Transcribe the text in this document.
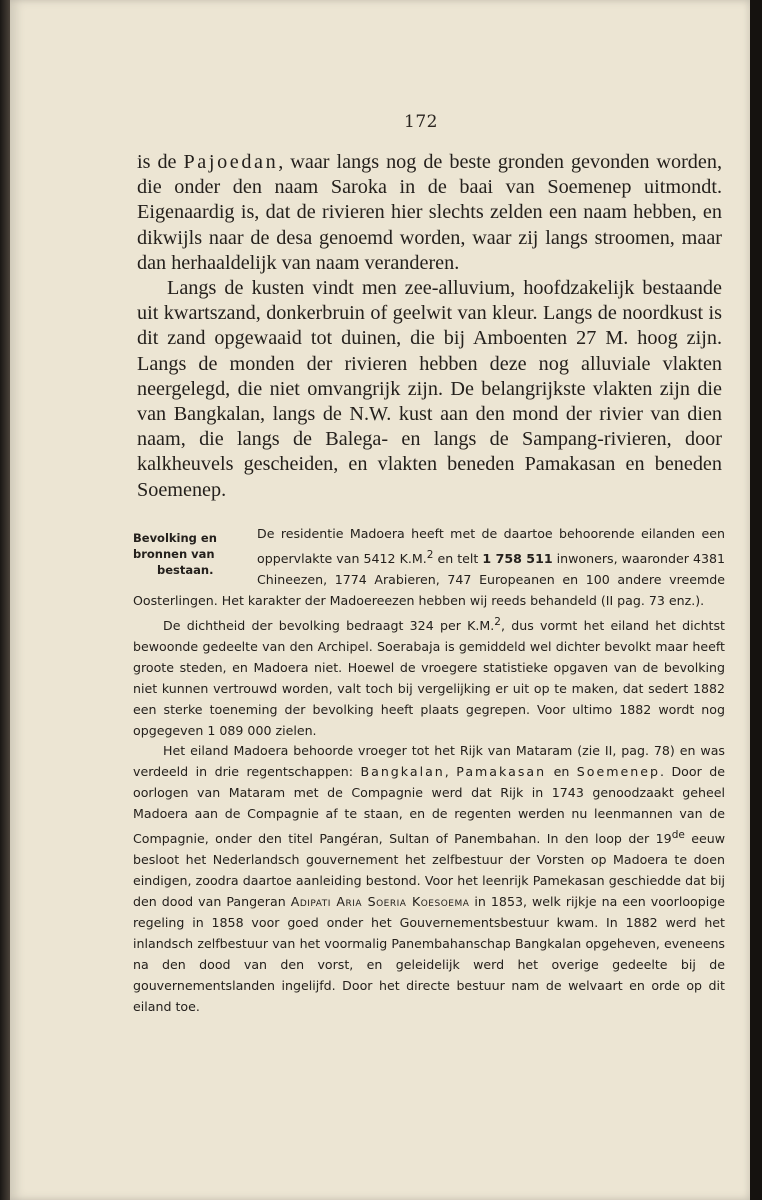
172

is de Pajoedan, waar langs nog de beste gronden gevonden worden, die onder den naam Saroka in de baai van Soemenep uitmondt. Eigenaardig is, dat de rivieren hier slechts zelden een naam hebben, en dikwijls naar de desa genoemd worden, waar zij langs stroomen, maar dan herhaaldelijk van naam veranderen.

Langs de kusten vindt men zee-alluvium, hoofdzakelijk bestaande uit kwartszand, donkerbruin of geelwit van kleur. Langs de noordkust is dit zand opgewaaid tot duinen, die bij Amboenten 27 M. hoog zijn. Langs de monden der rivieren hebben deze nog alluviale vlakten neergelegd, die niet omvangrijk zijn. De belangrijkste vlakten zijn die van Bangkalan, langs de N.W. kust aan den mond der rivier van dien naam, die langs de Balega- en langs de Sampang-rivieren, door kalkheuvels gescheiden, en vlakten beneden Pamakasan en beneden Soemenep.

Bevolking en
bronnen van
bestaan.

De residentie Madoera heeft met de daartoe behoorende eilanden een oppervlakte van 5412 K.M.$^2$ en telt 1 758 511 inwoners, waaronder 4381 Chineezen, 1774 Arabieren, 747 Europeanen en 100 andere vreemde Oosterlingen. Het karakter der Madoereezen hebben wij reeds behandeld (II pag. 73 enz.).

De dichtheid der bevolking bedraagt 324 per K.M.$^2$, dus vormt het eiland het dichtst bewoonde gedeelte van den Archipel. Soerabaja is gemiddeld wel dichter bevolkt maar heeft groote steden, en Madoera niet. Hoewel de vroegere statistieke opgaven van de bevolking niet kunnen vertrouwd worden, valt toch bij vergelijking er uit op te maken, dat sedert 1882 een sterke toeneming der bevolking heeft plaats gegrepen. Voor ultimo 1882 wordt nog opgegeven 1 089 000 zielen.

Het eiland Madoera behoorde vroeger tot het Rijk van Mataram (zie II, pag. 78) en was verdeeld in drie regentschappen: Bangkalan, Pamakasan en Soemenep. Door de oorlogen van Mataram met de Compagnie werd dat Rijk in 1743 genoodzaakt geheel Madoera aan de Compagnie af te staan, en de regenten werden nu leenmannen van de Compagnie, onder den titel Pangéran, Sultan of Panembahan. In den loop der 19de eeuw besloot het Nederlandsch gouvernement het zelfbestuur der Vorsten op Madoera te doen eindigen, zoodra daartoe aanleiding bestond. Voor het leenrijk Pamekasan geschiedde dat bij den dood van Pangeran Adipati Aria Soeria Koesoema in 1853, welk rijkje na een voorloopige regeling in 1858 voor goed onder het Gouvernementsbestuur kwam. In 1882 werd het inlandsch zelfbestuur van het voormalig Panembahanschap Bangkalan opgeheven, eveneens na den dood van den vorst, en geleidelijk werd het overige gedeelte bij de gouvernementslanden ingelijfd. Door het directe bestuur nam de welvaart en orde op dit eiland toe.
